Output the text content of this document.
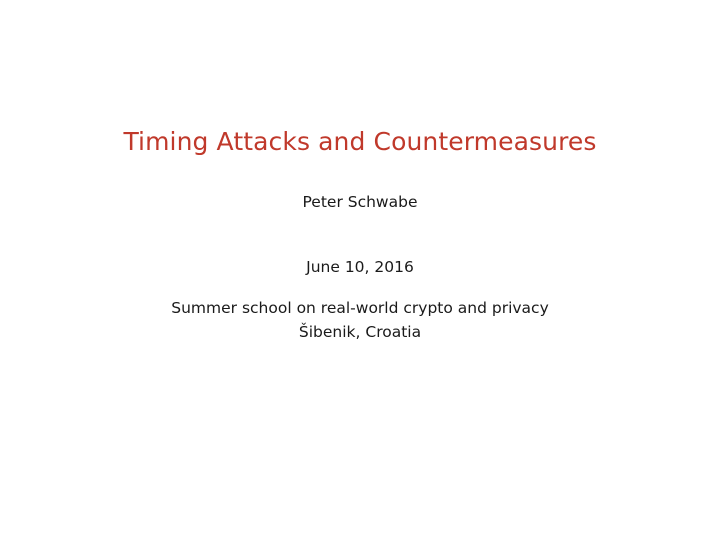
Timing Attacks and Countermeasures
Peter Schwabe
June 10, 2016
Summer school on real-world crypto and privacy
Šibenik, Croatia
